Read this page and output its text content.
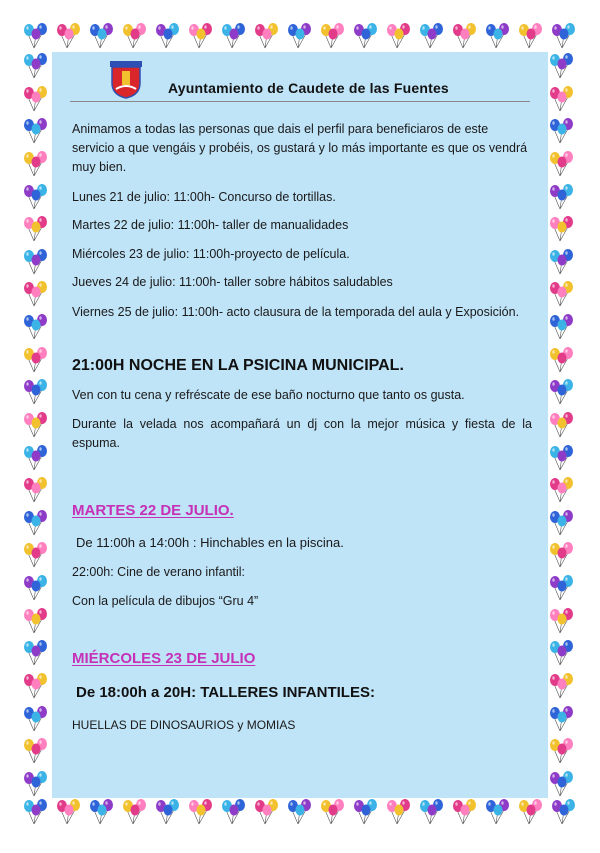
Ayuntamiento de Caudete de las Fuentes
Animamos a todas las personas que dais el perfil para beneficiaros de este servicio a que vengáis y probéis, os gustará y lo más importante es que os vendrá muy bien.
Lunes 21 de julio: 11:00h- Concurso de tortillas.
Martes 22 de julio: 11:00h- taller de manualidades
Miércoles 23 de julio: 11:00h-proyecto de película.
Jueves 24 de julio: 11:00h- taller sobre hábitos saludables
Viernes 25 de julio: 11:00h- acto clausura de la temporada del aula y Exposición.
21:00H NOCHE EN LA PSICINA MUNICIPAL.
Ven con tu cena y refréscate de ese baño nocturno que tanto os gusta.
Durante la velada nos acompañará un dj con la mejor música y fiesta de la espuma.
MARTES 22 DE JULIO.
De 11:00h a 14:00h : Hinchables en la piscina.
22:00h: Cine de verano infantil:
Con la película de dibujos “Gru 4”
MIÉRCOLES 23 DE JULIO
De 18:00h a 20H: TALLERES INFANTILES:
HUELLAS DE DINOSAURIOS y MOMIAS
